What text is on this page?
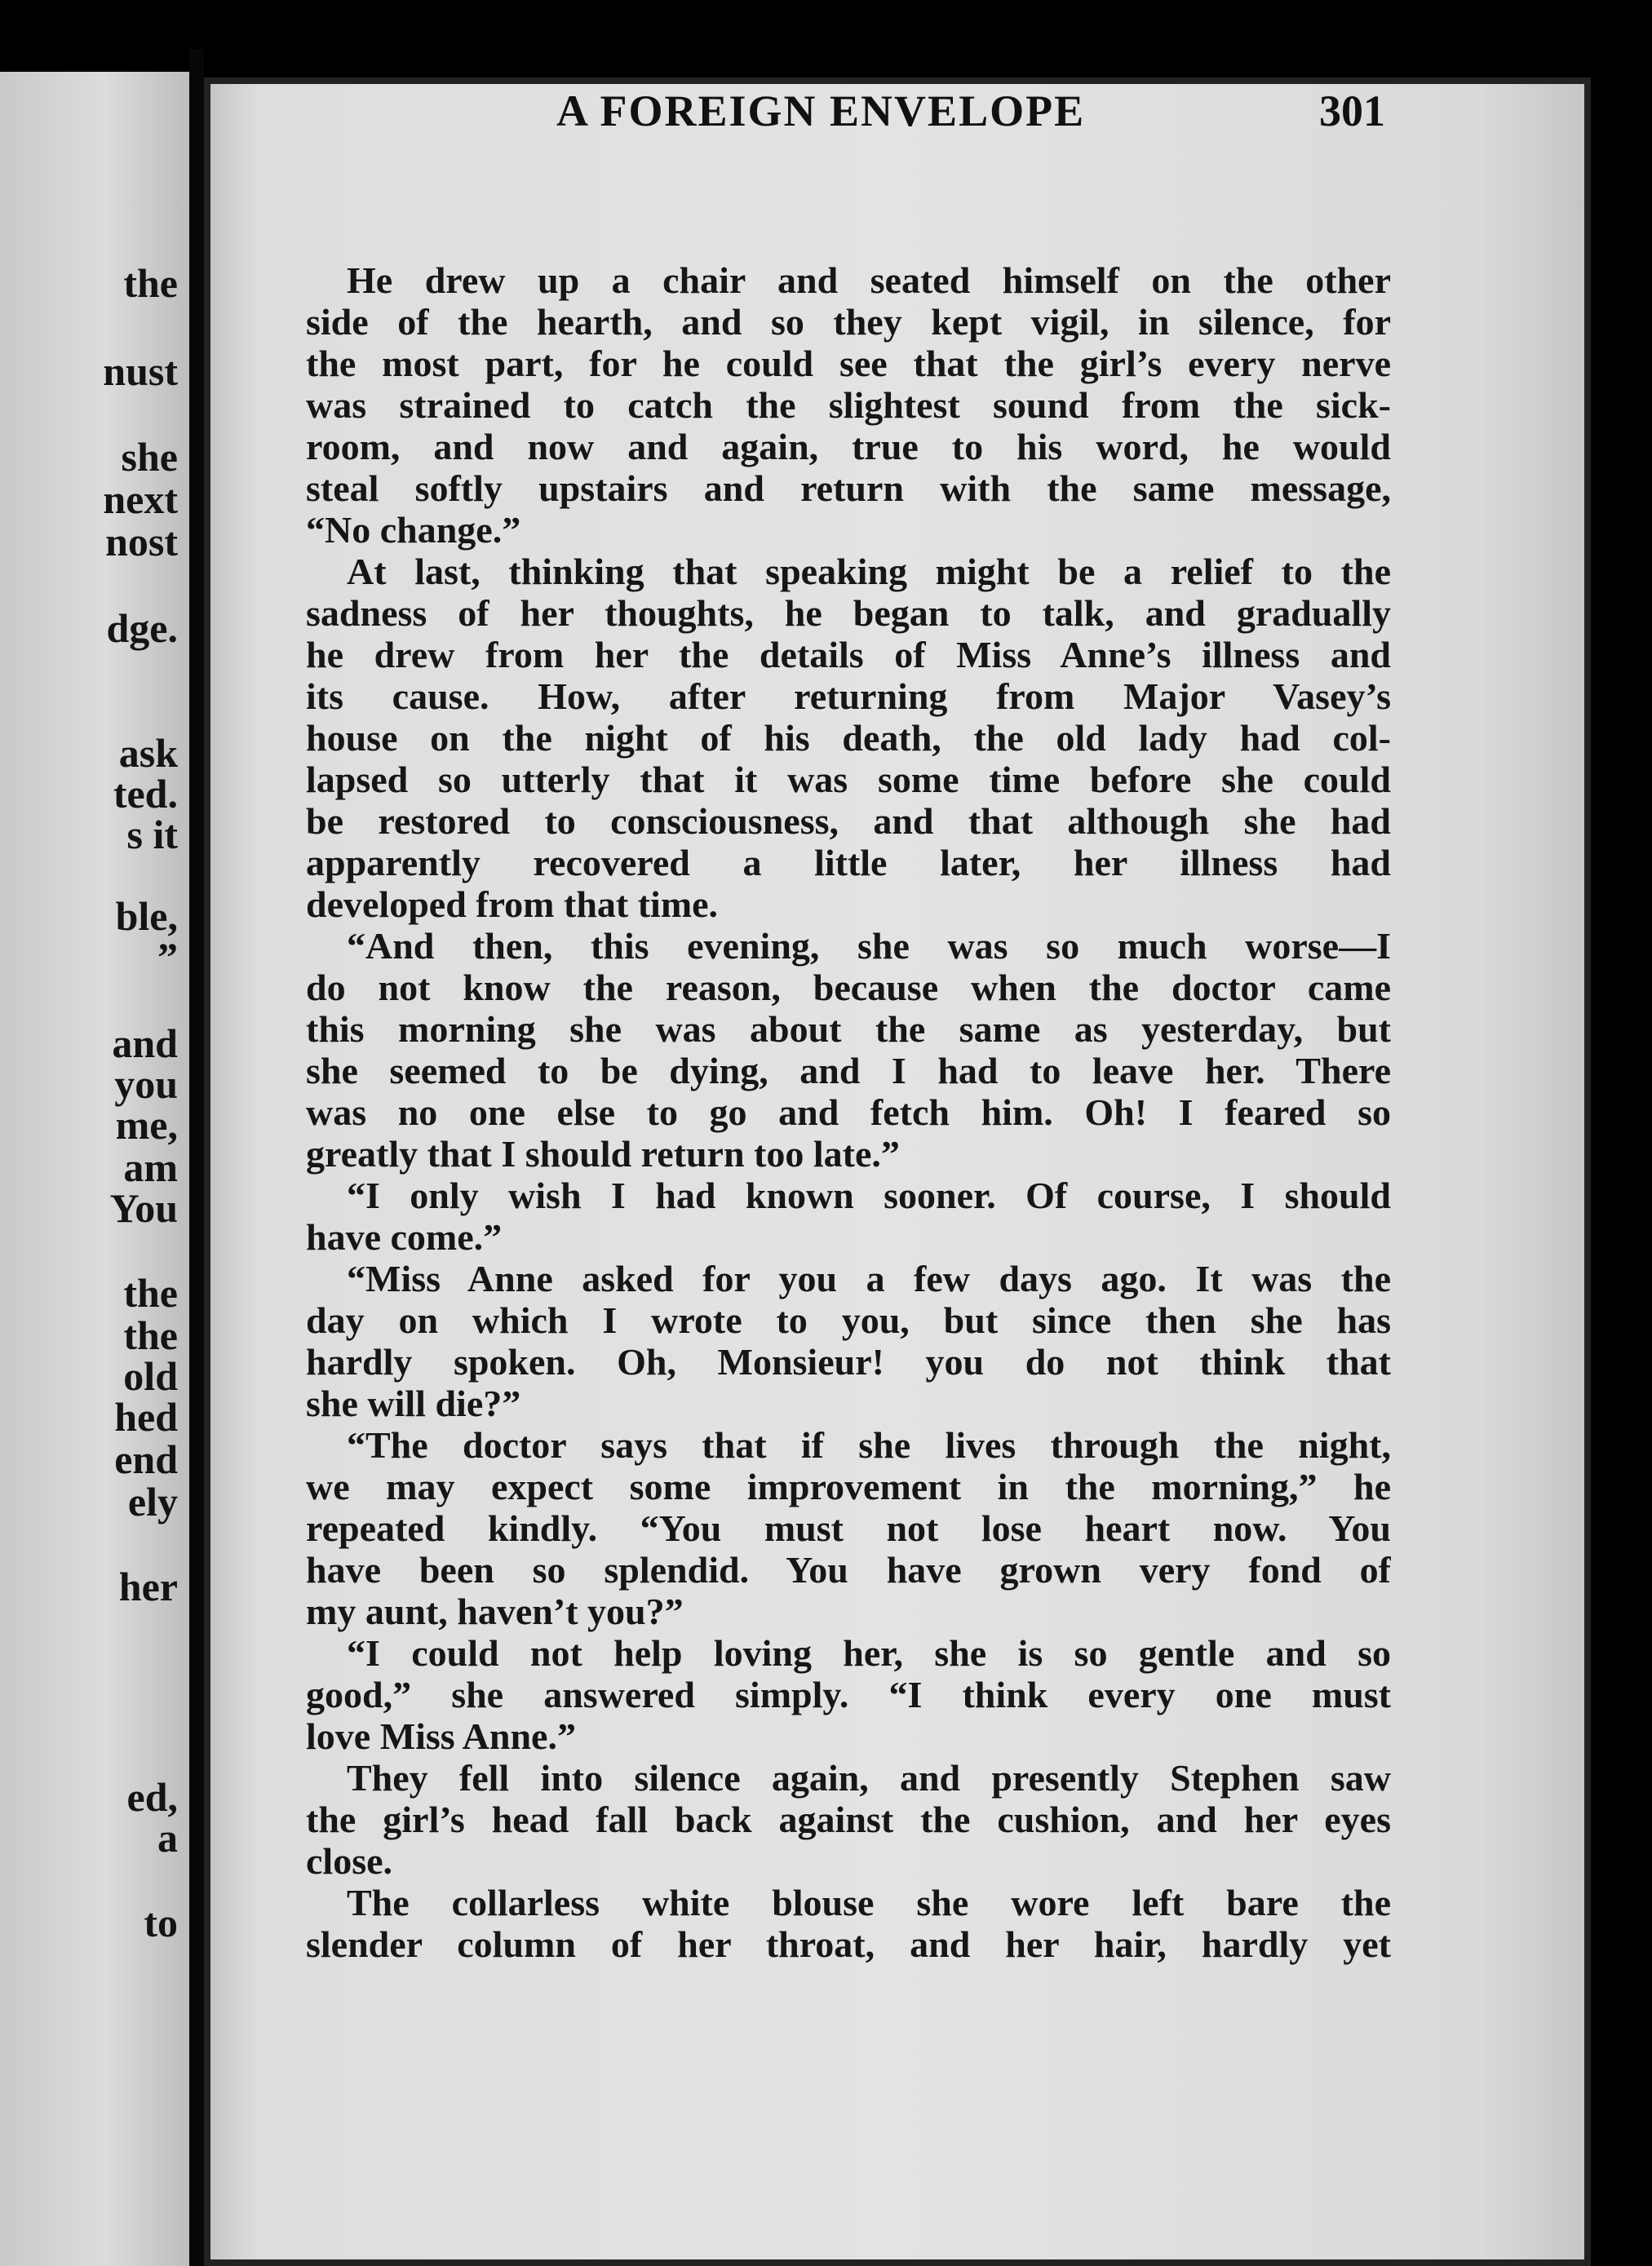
the

nust

she

next

nost

dge.

ask

ted.

s it

ble,

”

and

you

me,

am

You

the

the

old

hed

end

ely

her

ed,

a

to

A FOREIGN ENVELOPE	301

He drew up a chair and seated himself on the other

side of the hearth, and so they kept vigil, in silence, for

the most part, for he could see that the girl’s every nerve

was strained to catch the slightest sound from the sick-

room, and now and again, true to his word, he would

steal softly upstairs and return with the same message,

“No change.”

At last, thinking that speaking might be a relief to the

sadness of her thoughts, he began to talk, and gradually

he drew from her the details of Miss Anne’s illness and

its cause. How, after returning from Major Vasey’s

house on the night of his death, the old lady had col-

lapsed so utterly that it was some time before she could

be restored to consciousness, and that although she had

apparently recovered a little later, her illness had

developed from that time.

“And then, this evening, she was so much worse—I

do not know the reason, because when the doctor came

this morning she was about the same as yesterday, but

she seemed to be dying, and I had to leave her. There

was no one else to go and fetch him. Oh! I feared so

greatly that I should return too late.”

“I only wish I had known sooner. Of course, I should

have come.”

“Miss Anne asked for you a few days ago. It was the

day on which I wrote to you, but since then she has

hardly spoken. Oh, Monsieur! you do not think that

she will die?”

“The doctor says that if she lives through the night,

we may expect some improvement in the morning,” he

repeated kindly. “You must not lose heart now. You

have been so splendid. You have grown very fond of

my aunt, haven’t you?”

“I could not help loving her, she is so gentle and so

good,” she answered simply. “I think every one must

love Miss Anne.”

They fell into silence again, and presently Stephen saw

the girl’s head fall back against the cushion, and her eyes

close.

The collarless white blouse she wore left bare the

slender column of her throat, and her hair, hardly yet
